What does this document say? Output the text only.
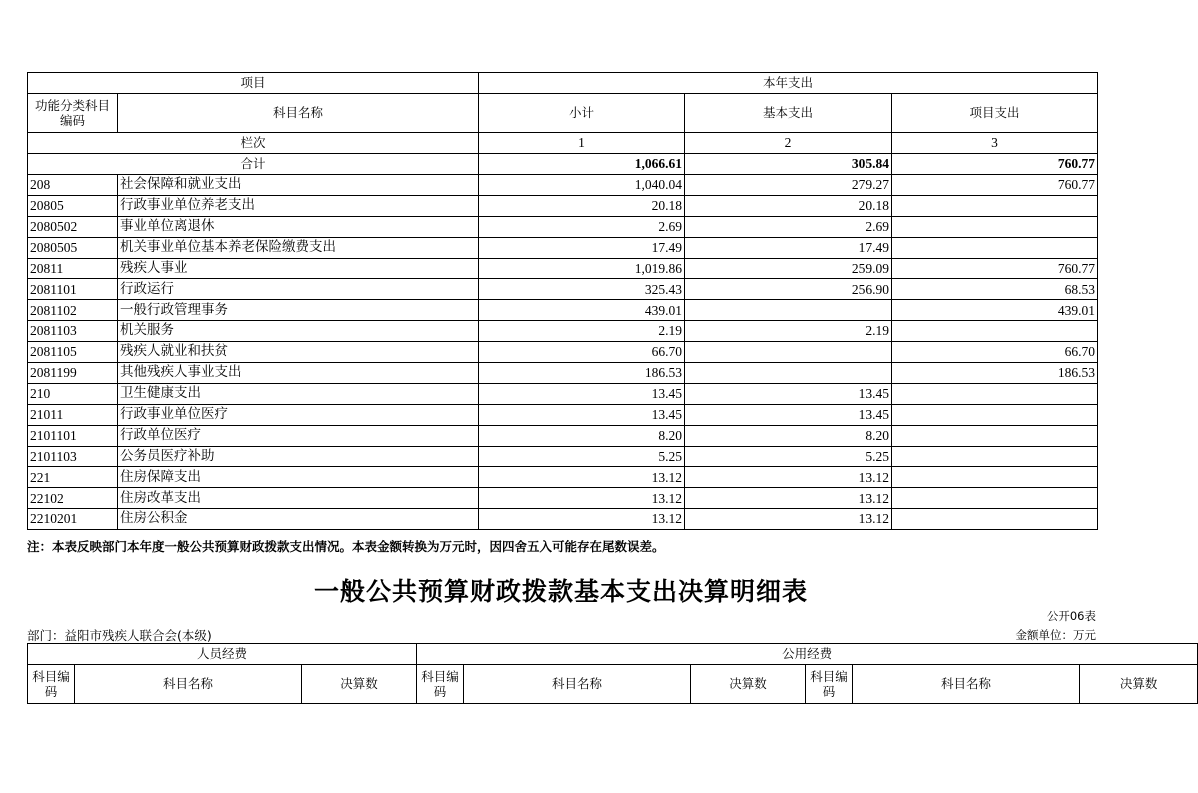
项目		本年支出		
功能分类科目编码	科目名称	小计	基本支出	项目支出
栏次		1	2	3
合计		1,066.61	305.84	760.77
208	社会保障和就业支出	1,040.04	279.27	760.77
20805	行政事业单位养老支出	20.18	20.18	
2080502	事业单位离退休	2.69	2.69	
2080505	机关事业单位基本养老保险缴费支出	17.49	17.49	
20811	残疾人事业	1,019.86	259.09	760.77
2081101	行政运行	325.43	256.90	68.53
2081102	一般行政管理事务	439.01		439.01
2081103	机关服务	2.19	2.19	
2081105	残疾人就业和扶贫	66.70		66.70
2081199	其他残疾人事业支出	186.53		186.53
210	卫生健康支出	13.45	13.45	
21011	行政事业单位医疗	13.45	13.45	
2101101	行政单位医疗	8.20	8.20	
2101103	公务员医疗补助	5.25	5.25	
221	住房保障支出	13.12	13.12	
22102	住房改革支出	13.12	13.12	
2210201	住房公积金	13.12	13.12	
注：本表反映部门本年度一般公共预算财政拨款支出情况。本表金额转换为万元时，因四舍五入可能存在尾数误差。
一般公共预算财政拨款基本支出决算明细表
公开06表
部门：益阳市残疾人联合会(本级)	金额单位：万元
人员经费			公用经费					
科目编码	科目名称	决算数	科目编码	科目名称	决算数	科目编码	科目名称	决算数
